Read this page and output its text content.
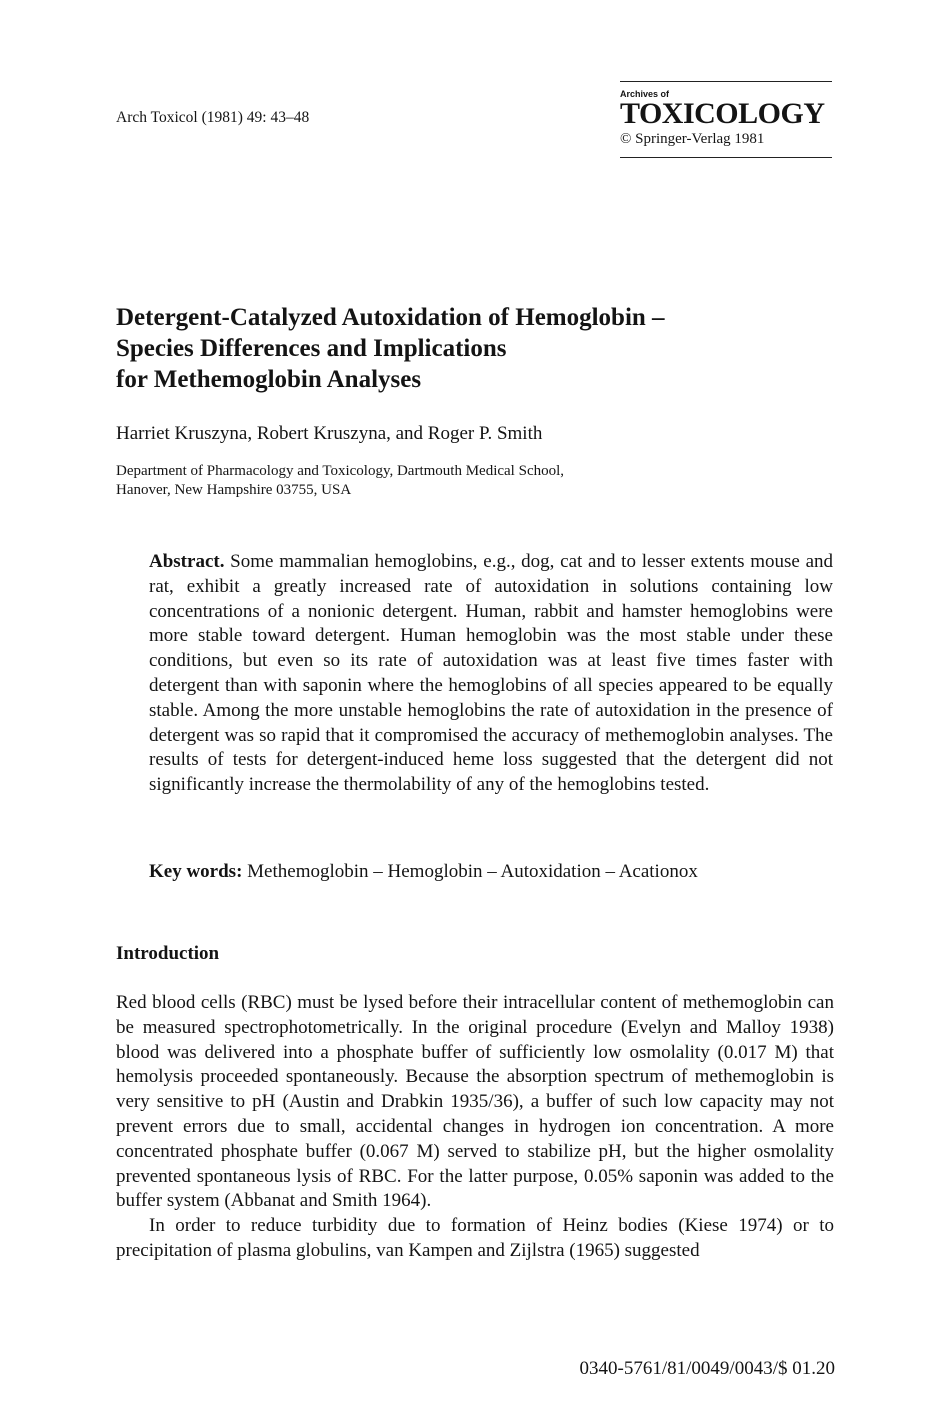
Arch Toxicol (1981) 49: 43–48
Archives of
TOXICOLOGY
© Springer-Verlag 1981
Detergent-Catalyzed Autoxidation of Hemoglobin –
Species Differences and Implications
for Methemoglobin Analyses
Harriet Kruszyna, Robert Kruszyna, and Roger P. Smith
Department of Pharmacology and Toxicology, Dartmouth Medical School,
Hanover, New Hampshire 03755, USA
Abstract. Some mammalian hemoglobins, e.g., dog, cat and to lesser extents mouse and rat, exhibit a greatly increased rate of autoxidation in solutions containing low concentrations of a nonionic detergent. Human, rabbit and hamster hemoglobins were more stable toward detergent. Human hemoglobin was the most stable under these conditions, but even so its rate of autoxidation was at least five times faster with detergent than with saponin where the hemoglobins of all species appeared to be equally stable. Among the more unstable hemoglobins the rate of autoxidation in the presence of detergent was so rapid that it compromised the accuracy of methemoglobin analyses. The results of tests for detergent-induced heme loss suggested that the detergent did not significantly increase the thermolability of any of the hemoglobins tested.
Key words: Methemoglobin – Hemoglobin – Autoxidation – Acationox
Introduction

Red blood cells (RBC) must be lysed before their intracellular content of methemoglobin can be measured spectrophotometrically. In the original procedure (Evelyn and Malloy 1938) blood was delivered into a phosphate buffer of sufficiently low osmolality (0.017 M) that hemolysis proceeded spontaneously. Because the absorption spectrum of methemoglobin is very sensitive to pH (Austin and Drabkin 1935/36), a buffer of such low capacity may not prevent errors due to small, accidental changes in hydrogen ion concentration. A more concentrated phosphate buffer (0.067 M) served to stabilize pH, but the higher osmolality prevented spontaneous lysis of RBC. For the latter purpose, 0.05% saponin was added to the buffer system (Abbanat and Smith 1964).

In order to reduce turbidity due to formation of Heinz bodies (Kiese 1974) or to precipitation of plasma globulins, van Kampen and Zijlstra (1965) suggested

0340-5761/81/0049/0043/$ 01.20
